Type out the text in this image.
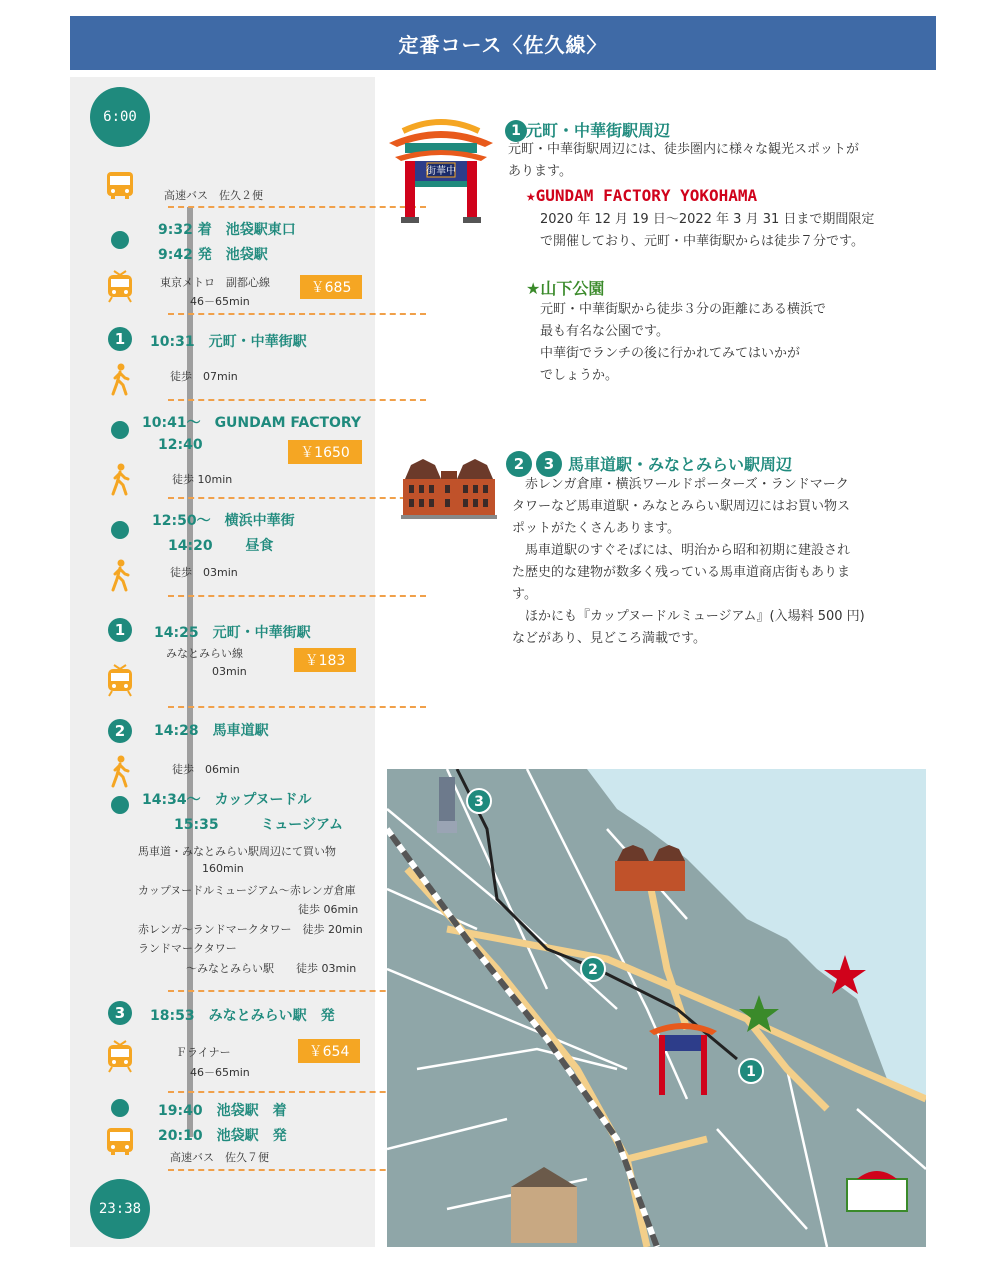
定番コース〈佐久線〉
6:00
高速バス　佐久２便
9:32 着　池袋駅東口
9:42 発　池袋駅
東京メトロ　副都心線
46－65min
￥685
1	10:31　元町・中華街駅
徒歩　07min
10:41～　GUNDAM FACTORY
12:40	￥1650
徒歩 10min
12:50～　横浜中華街
14:20　　 昼食
徒歩　03min
1	14:25　元町・中華街駅
みなとみらい線
03min
￥183
2	14:28　馬車道駅
徒歩　06min
14:34～　カップヌードル
15:35　　　ミュージアム
馬車道・みなとみらい駅周辺にて買い物
160min
カップヌードルミュージアム～赤レンガ倉庫
徒歩 06min
赤レンガ～ランドマークタワー　徒歩 20min
ランドマークタワー
～みなとみらい駅　　徒歩 03min
3	18:53　みなとみらい駅　発
Ｆライナー
46－65min
￥654
19:40　池袋駅　着
20:10　池袋駅　発
高速バス　佐久７便
23:38
街華中
1 元町・中華街駅周辺
元町・中華街駅周辺には、徒歩圏内に様々な観光スポットが
あります。
★GUNDAM FACTORY YOKOHAMA
2020 年 12 月 19 日～2022 年 3 月 31 日まで期間限定
で開催しており、元町・中華街駅からは徒歩７分です。
★山下公園
元町・中華街駅から徒歩３分の距離にある横浜で
最も有名な公園です。
中華街でランチの後に行かれてみてはいかが
でしょうか。
2	3 馬車道駅・みなとみらい駅周辺
　赤レンガ倉庫・横浜ワールドポーターズ・ランドマーク
タワーなど馬車道駅・みなとみらい駅周辺にはお買い物ス
ポットがたくさんあります。
　馬車道駅のすぐそばには、明治から昭和初期に建設され
た歴史的な建物が数多く残っている馬車道商店街もありま
す。
　ほかにも『カップヌードルミュージアム』(入場料 500 円)
などがあり、見どころ満載です。
3
2
1
